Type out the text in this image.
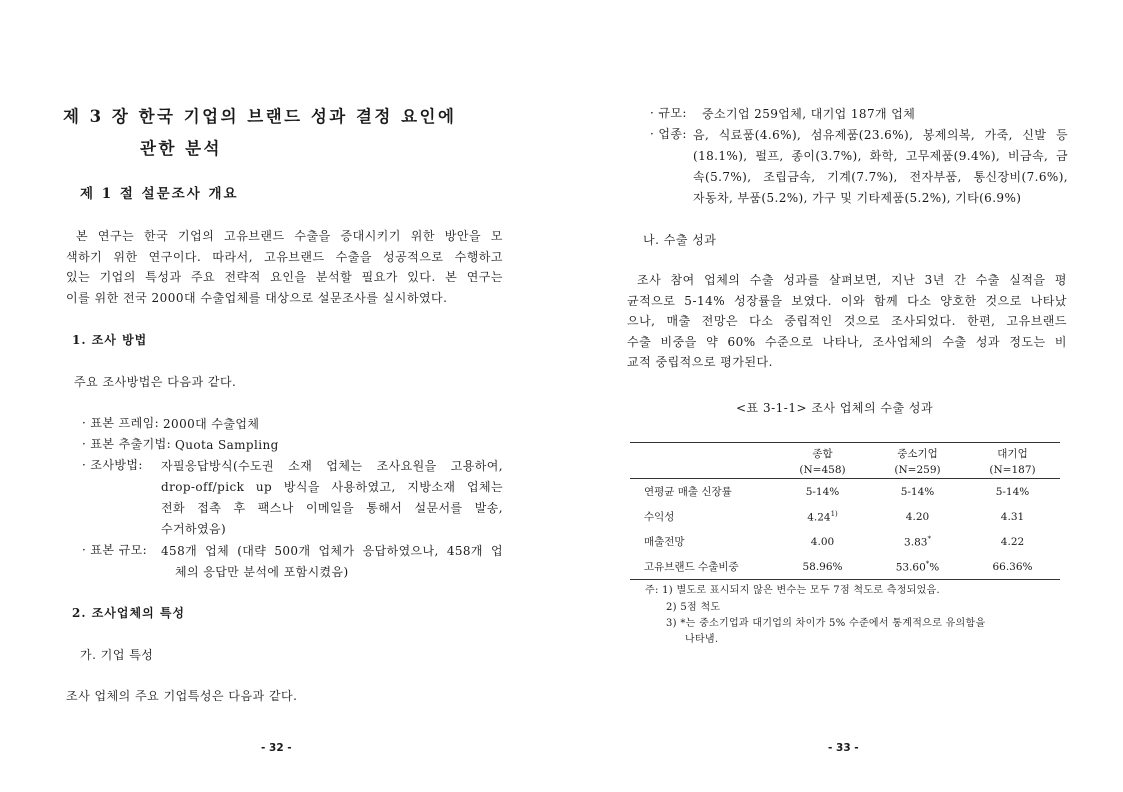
제 3 장 한국 기업의 브랜드 성과 결정 요인에
관한 분석
제 1 절 설문조사 개요
본 연구는 한국 기업의 고유브랜드 수출을 증대시키기 위한 방안을 모
색하기 위한 연구이다. 따라서, 고유브랜드 수출을 성공적으로 수행하고
있는 기업의 특성과 주요 전략적 요인을 분석할 필요가 있다. 본 연구는
이를 위한 전국 2000대 수출업체를 대상으로 설문조사를 실시하였다.
1. 조사 방법
주요 조사방법은 다음과 같다.
· 표본 프레임: 2000대 수출업체
· 표본 추출기법: Quota Sampling
· 조사방법: 자필응답방식(수도권 소재 업체는 조사요원을 고용하여,
drop-off/pick up 방식을 사용하였고, 지방소재 업체는
전화 접촉 후 팩스나 이메일을 통해서 설문서를 발송,
수거하였음)
· 표본 규모: 458개 업체 (대략 500개 업체가 응답하였으나, 458개 업
체의 응답만 분석에 포함시켰음)
2. 조사업체의 특성
가. 기업 특성
조사 업체의 주요 기업특성은 다음과 같다.
- 32 -
· 규모: 중소기업 259업체, 대기업 187개 업체
· 업종: 음, 식료품(4.6%), 섬유제품(23.6%), 봉제의복, 가죽, 신발 등
(18.1%), 펄프, 종이(3.7%), 화학, 고무제품(9.4%), 비금속, 금
속(5.7%), 조립금속, 기계(7.7%), 전자부품, 통신장비(7.6%),
자동차, 부품(5.2%), 가구 및 기타제품(5.2%), 기타(6.9%)
나. 수출 성과
조사 참여 업체의 수출 성과를 살펴보면, 지난 3년 간 수출 실적을 평
균적으로 5-14% 성장률을 보였다. 이와 함께 다소 양호한 것으로 나타났
으나, 매출 전망은 다소 중립적인 것으로 조사되었다. 한편, 고유브랜드
수출 비중을 약 60% 수준으로 나타나, 조사업체의 수출 성과 정도는 비
교적 중립적으로 평가된다.
<표 3-1-1> 조사 업체의 수출 성과
	종합	중소기업	대기업
	(N=458)	(N=259)	(N=187)
연평균 매출 신장률	5-14%	5-14%	5-14%
수익성	4.24$^{1)}$	4.20	4.31
매출전망	4.00	3.83*	4.22
고유브랜드 수출비중	58.96%	53.60*%	66.36%
주: 1) 별도로 표시되지 않은 변수는 모두 7점 척도로 측정되었음.
2) 5점 척도
3) *는 중소기업과 대기업의 차이가 5% 수준에서 통계적으로 유의함을
나타냄.
- 33 -
